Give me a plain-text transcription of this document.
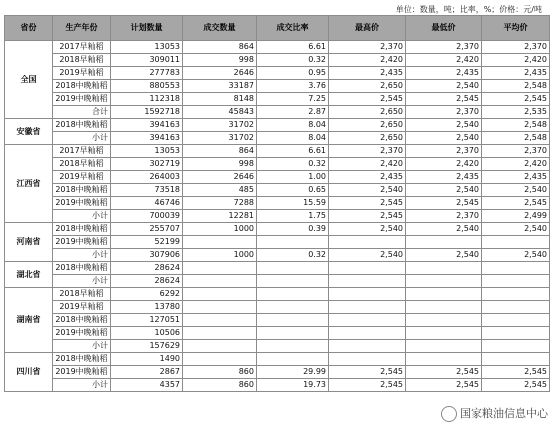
单位：数量，吨；比率，%；价格：元/吨
省份	生产年份	计划数量	成交数量	成交比率	最高价	最低价	平均价
全国	2017早籼稻	13053	864	6.61	2,370	2,370	2,370
	2018早籼稻	309011	998	0.32	2,420	2,420	2,420
	2019早籼稻	277783	2646	0.95	2,435	2,435	2,435
	2018中晚籼稻	880553	33187	3.76	2,650	2,540	2,548
	2019中晚籼稻	112318	8148	7.25	2,545	2,545	2,545
	合计	1592718	45843	2.87	2,650	2,370	2,535
安徽省	2018中晚籼稻	394163	31702	8.04	2,650	2,540	2,548
	小计	394163	31702	8.04	2,650	2,540	2,548
江西省	2017早籼稻	13053	864	6.61	2,370	2,370	2,370
	2018早籼稻	302719	998	0.32	2,420	2,420	2,420
	2019早籼稻	264003	2646	1.00	2,435	2,435	2,435
	2018中晚籼稻	73518	485	0.65	2,540	2,540	2,540
	2019中晚籼稻	46746	7288	15.59	2,545	2,545	2,545
	小计	700039	12281	1.75	2,545	2,370	2,499
河南省	2018中晚籼稻	255707	1000	0.39	2,540	2,540	2,540
	2019中晚籼稻	52199					
	小计	307906	1000	0.32	2,540	2,540	2,540
湖北省	2018中晚籼稻	28624					
	小计	28624					
湖南省	2018早籼稻	6292					
	2019早籼稻	13780					
	2018中晚籼稻	127051					
	2019中晚籼稻	10506					
	小计	157629					
四川省	2018中晚籼稻	1490					
	2019中晚籼稻	2867	860	29.99	2,545	2,545	2,545
	小计	4357	860	19.73	2,545	2,545	2,545
国家粮油信息中心
